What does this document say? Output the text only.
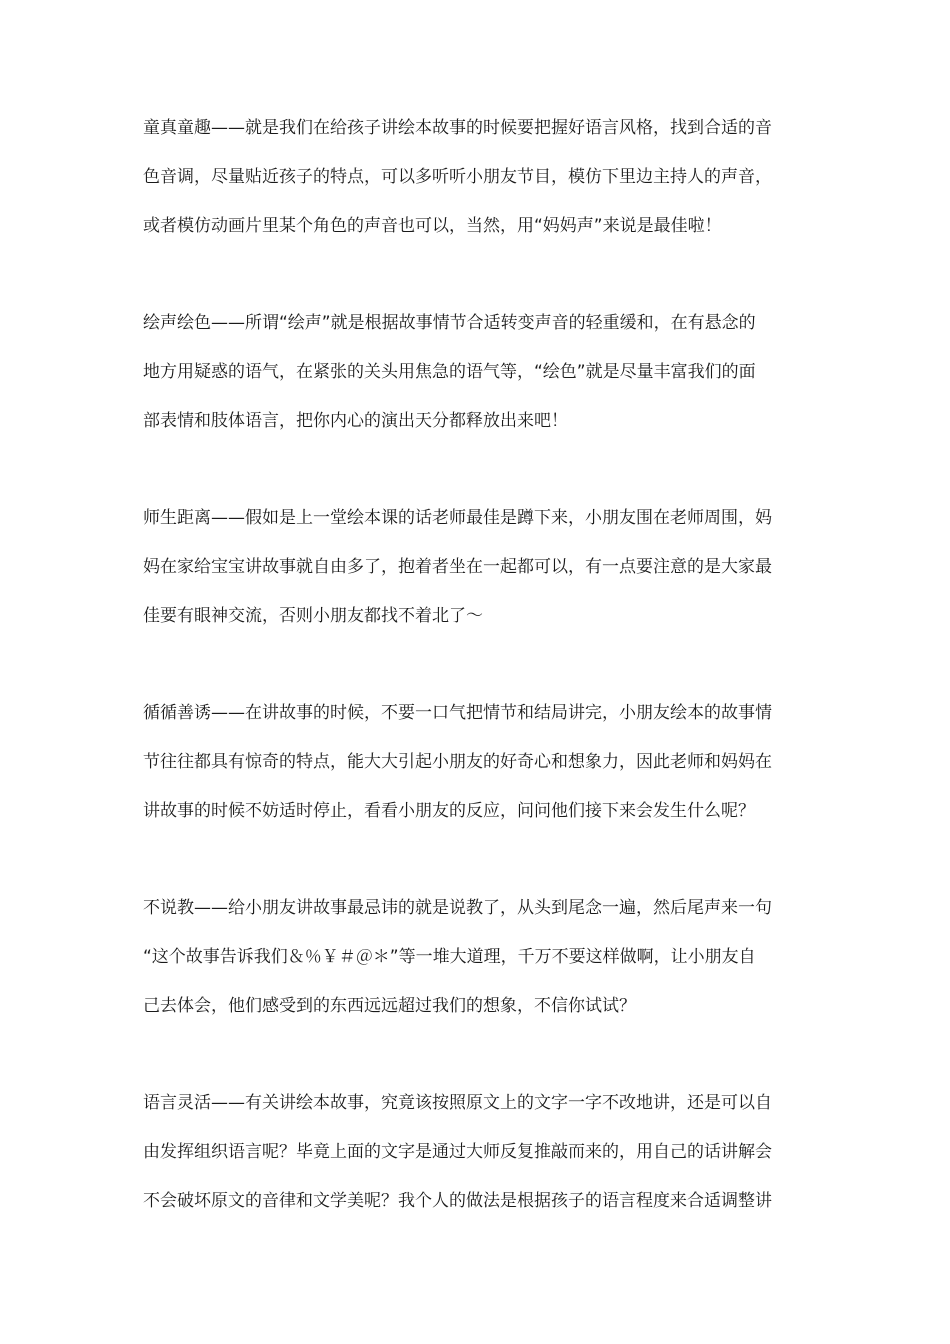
童真童趣——就是我们在给孩子讲绘本故事的时候要把握好语言风格，找到合适的音
色音调，尽量贴近孩子的特点，可以多听听小朋友节目，模仿下里边主持人的声音，
或者模仿动画片里某个角色的声音也可以，当然，用“妈妈声”来说是最佳啦！
绘声绘色——所谓“绘声”就是根据故事情节合适转变声音的轻重缓和，在有悬念的
地方用疑惑的语气，在紧张的关头用焦急的语气等，“绘色”就是尽量丰富我们的面
部表情和肢体语言，把你内心的演出天分都释放出来吧！
师生距离——假如是上一堂绘本课的话老师最佳是蹲下来，小朋友围在老师周围，妈
妈在家给宝宝讲故事就自由多了，抱着者坐在一起都可以，有一点要注意的是大家最
佳要有眼神交流，否则小朋友都找不着北了～
循循善诱——在讲故事的时候，不要一口气把情节和结局讲完，小朋友绘本的故事情
节往往都具有惊奇的特点，能大大引起小朋友的好奇心和想象力，因此老师和妈妈在
讲故事的时候不妨适时停止，看看小朋友的反应，问问他们接下来会发生什么呢？
不说教——给小朋友讲故事最忌讳的就是说教了，从头到尾念一遍，然后尾声来一句
“这个故事告诉我们＆％￥＃＠＊”等一堆大道理，千万不要这样做啊，让小朋友自
己去体会，他们感受到的东西远远超过我们的想象，不信你试试？
语言灵活——有关讲绘本故事，究竟该按照原文上的文字一字不改地讲，还是可以自
由发挥组织语言呢？毕竟上面的文字是通过大师反复推敲而来的，用自己的话讲解会
不会破坏原文的音律和文学美呢？我个人的做法是根据孩子的语言程度来合适调整讲
